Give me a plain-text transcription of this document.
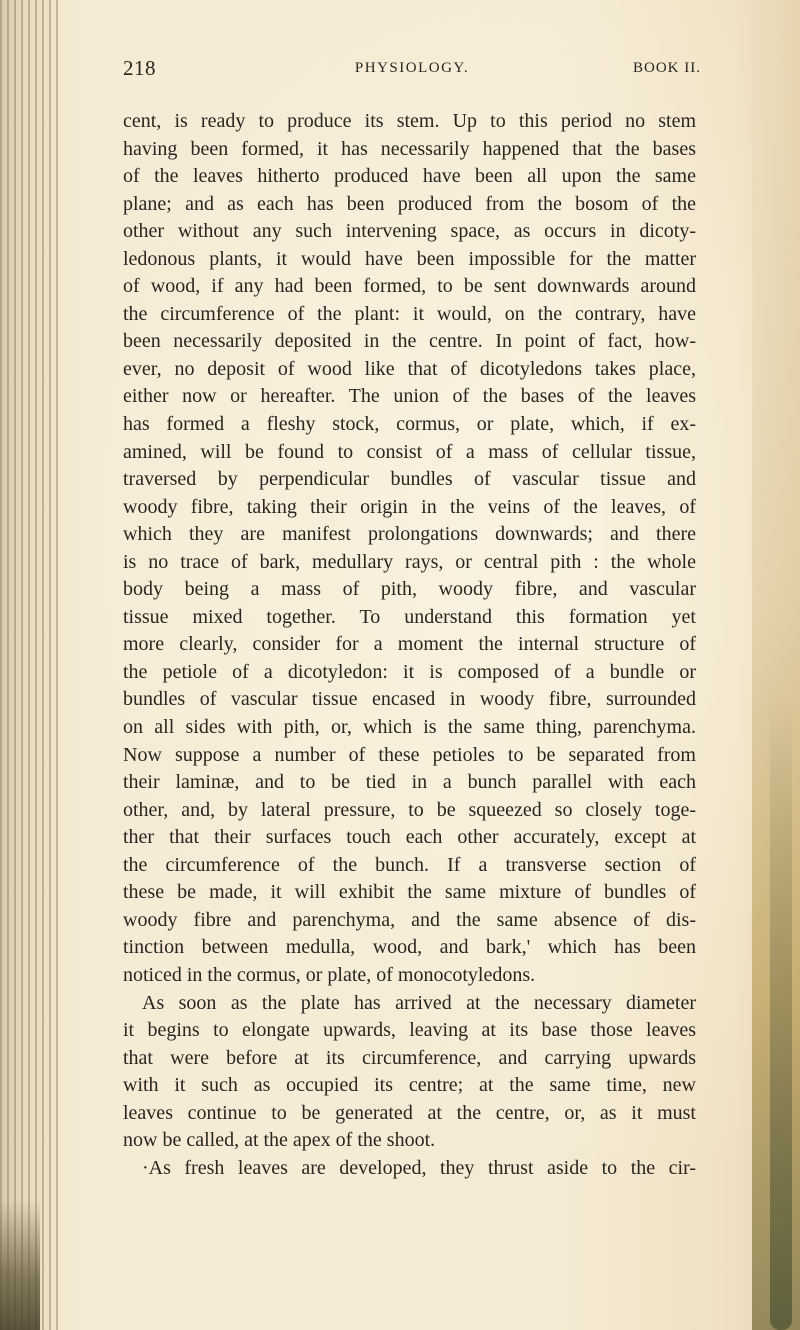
218	PHYSIOLOGY.	BOOK II.
cent, is ready to produce its stem. Up to this period no stem
having been formed, it has necessarily happened that the bases
of the leaves hitherto produced have been all upon the same
plane; and as each has been produced from the bosom of the
other without any such intervening space, as occurs in dicoty-
ledonous plants, it would have been impossible for the matter
of wood, if any had been formed, to be sent downwards around
the circumference of the plant: it would, on the contrary, have
been necessarily deposited in the centre. In point of fact, how-
ever, no deposit of wood like that of dicotyledons takes place,
either now or hereafter. The union of the bases of the leaves
has formed a fleshy stock, cormus, or plate, which, if ex-
amined, will be found to consist of a mass of cellular tissue,
traversed by perpendicular bundles of vascular tissue and
woody fibre, taking their origin in the veins of the leaves, of
which they are manifest prolongations downwards; and there
is no trace of bark, medullary rays, or central pith : the whole
body being a mass of pith, woody fibre, and vascular
tissue mixed together. To understand this formation yet
more clearly, consider for a moment the internal structure of
the petiole of a dicotyledon: it is composed of a bundle or
bundles of vascular tissue encased in woody fibre, surrounded
on all sides with pith, or, which is the same thing, parenchyma.
Now suppose a number of these petioles to be separated from
their laminæ, and to be tied in a bunch parallel with each
other, and, by lateral pressure, to be squeezed so closely toge-
ther that their surfaces touch each other accurately, except at
the circumference of the bunch. If a transverse section of
these be made, it will exhibit the same mixture of bundles of
woody fibre and parenchyma, and the same absence of dis-
tinction between medulla, wood, and bark,' which has been
noticed in the cormus, or plate, of monocotyledons.
As soon as the plate has arrived at the necessary diameter
it begins to elongate upwards, leaving at its base those leaves
that were before at its circumference, and carrying upwards
with it such as occupied its centre; at the same time, new
leaves continue to be generated at the centre, or, as it must
now be called, at the apex of the shoot.
·As fresh leaves are developed, they thrust aside to the cir-
